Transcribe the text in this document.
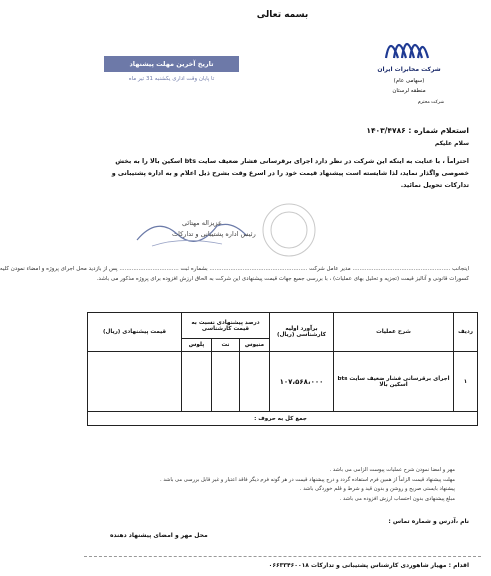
بسمه تعالی
تاریخ آخرین مهلت پیشنهاد
تا پایان وقت اداری یکشنبه 31 تیر ماه
شرکت مخابرات ایران
(سهامی عام)
منطقه لرستان
شرکت محترم
استعلام شماره : ۱۴۰۳/۴۷۸۶
سلام علیکم
احتراماً ، با عنایت به اینکه این شرکت در نظر دارد اجرای برقرسانی فشار ضعیف سایت bts اسکین بالا را به بخش خصوصی واگذار نماید، لذا شایسته است پیشنهاد قیمت خود را در اسرع وقت بشرح ذیل اعلام و به اداره پشتیبانی و تدارکات تحویل نمائید.
عزیزاله مهتائی
رئیس اداره پشتیبانی و تدارکات
اینجانب ........................................................ مدیر عامل شرکت ........................................................ بشماره ثبت .................................. پس از بازدید محل اجرای پروژه و امضاء نمودن کلیه
کسورات قانونی و آنالیز قیمت (تجزیه و تحلیل بهای عملیات) ، با بررسی جمیع جهات قیمت پیشنهادی این شرکت به الحاق ارزش افزوده برای پروژه مذکور می باشد.
ردیف	شرح عملیات	برآورد اولیه کارشناسی (ریال)	درصد پیشنهادی نسبت به قیمت کارشناسی			قیمت پیشنهادی (ریال)
			منیوس	نت	پلوس	
۱	اجرای برقرسانی فشار ضعیف سایت bts اسکین بالا	۱۰۷،۵۶۸،۰۰۰				
جمع کل به حروف :						
مهر و امضا نمودن شرح عملیات پیوست الزامی می باشد .
مهلت پیشنهاد قیمت الزاماً از همین فرم استفاده گردد و درج پیشنهاد قیمت در هر گونه فرم دیگر فاقد اعتبار و غیر قابل بررسی می باشد .
پیشنهاد بایستی صریح و روشن و بدون قید و شرط و قلم خوردگی باشد .
مبلغ پیشنهادی بدون احتساب ارزش افزوده می باشد .
نام ،آدرس و شماره تماس :
محل مهر و امضای پیشنهاد دهنده
اقدام : مهیار شاهوردی کارشناس پشتیبانی و تدارکات ۰۶۶۳۳۴۶۰۰۱۸
